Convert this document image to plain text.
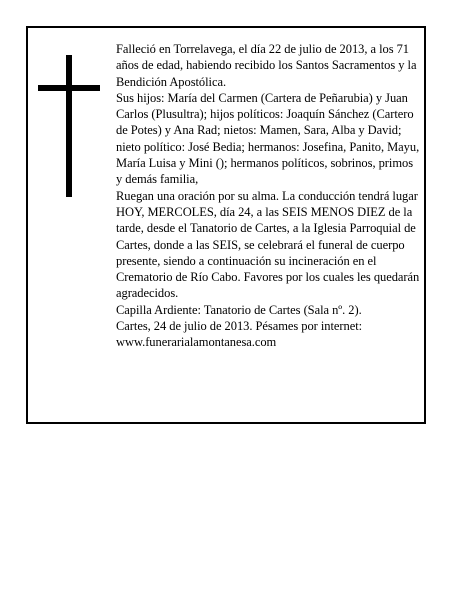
Falleció en Torrelavega, el día 22 de julio de 2013, a los 71 años de edad, habiendo recibido los Santos Sacramentos y la Bendición Apostólica.

Sus hijos: María del Carmen (Cartera de Peñarubia) y Juan Carlos (Plusultra); hijos políticos: Joaquín Sánchez (Cartero de Potes) y Ana Rad; nietos: Mamen, Sara, Alba y David; nieto político: José Bedia; hermanos: Josefina, Panito, Mayu, María Luisa y Mini (); hermanos políticos, sobrinos, primos y demás familia,

Ruegan una oración por su alma. La conducción tendrá lugar HOY, MERCOLES, día 24, a las SEIS MENOS DIEZ de la tarde, desde el Tanatorio de Cartes, a la Iglesia Parroquial de Cartes, donde a las SEIS, se celebrará el funeral de cuerpo presente, siendo a continuación su incineración en el Crematorio de Río Cabo. Favores por los cuales les quedarán agradecidos.

Capilla Ardiente: Tanatorio de Cartes (Sala nº. 2).

Cartes, 24 de julio de 2013. Pésames por internet: www.funerarialamontanesa.com
